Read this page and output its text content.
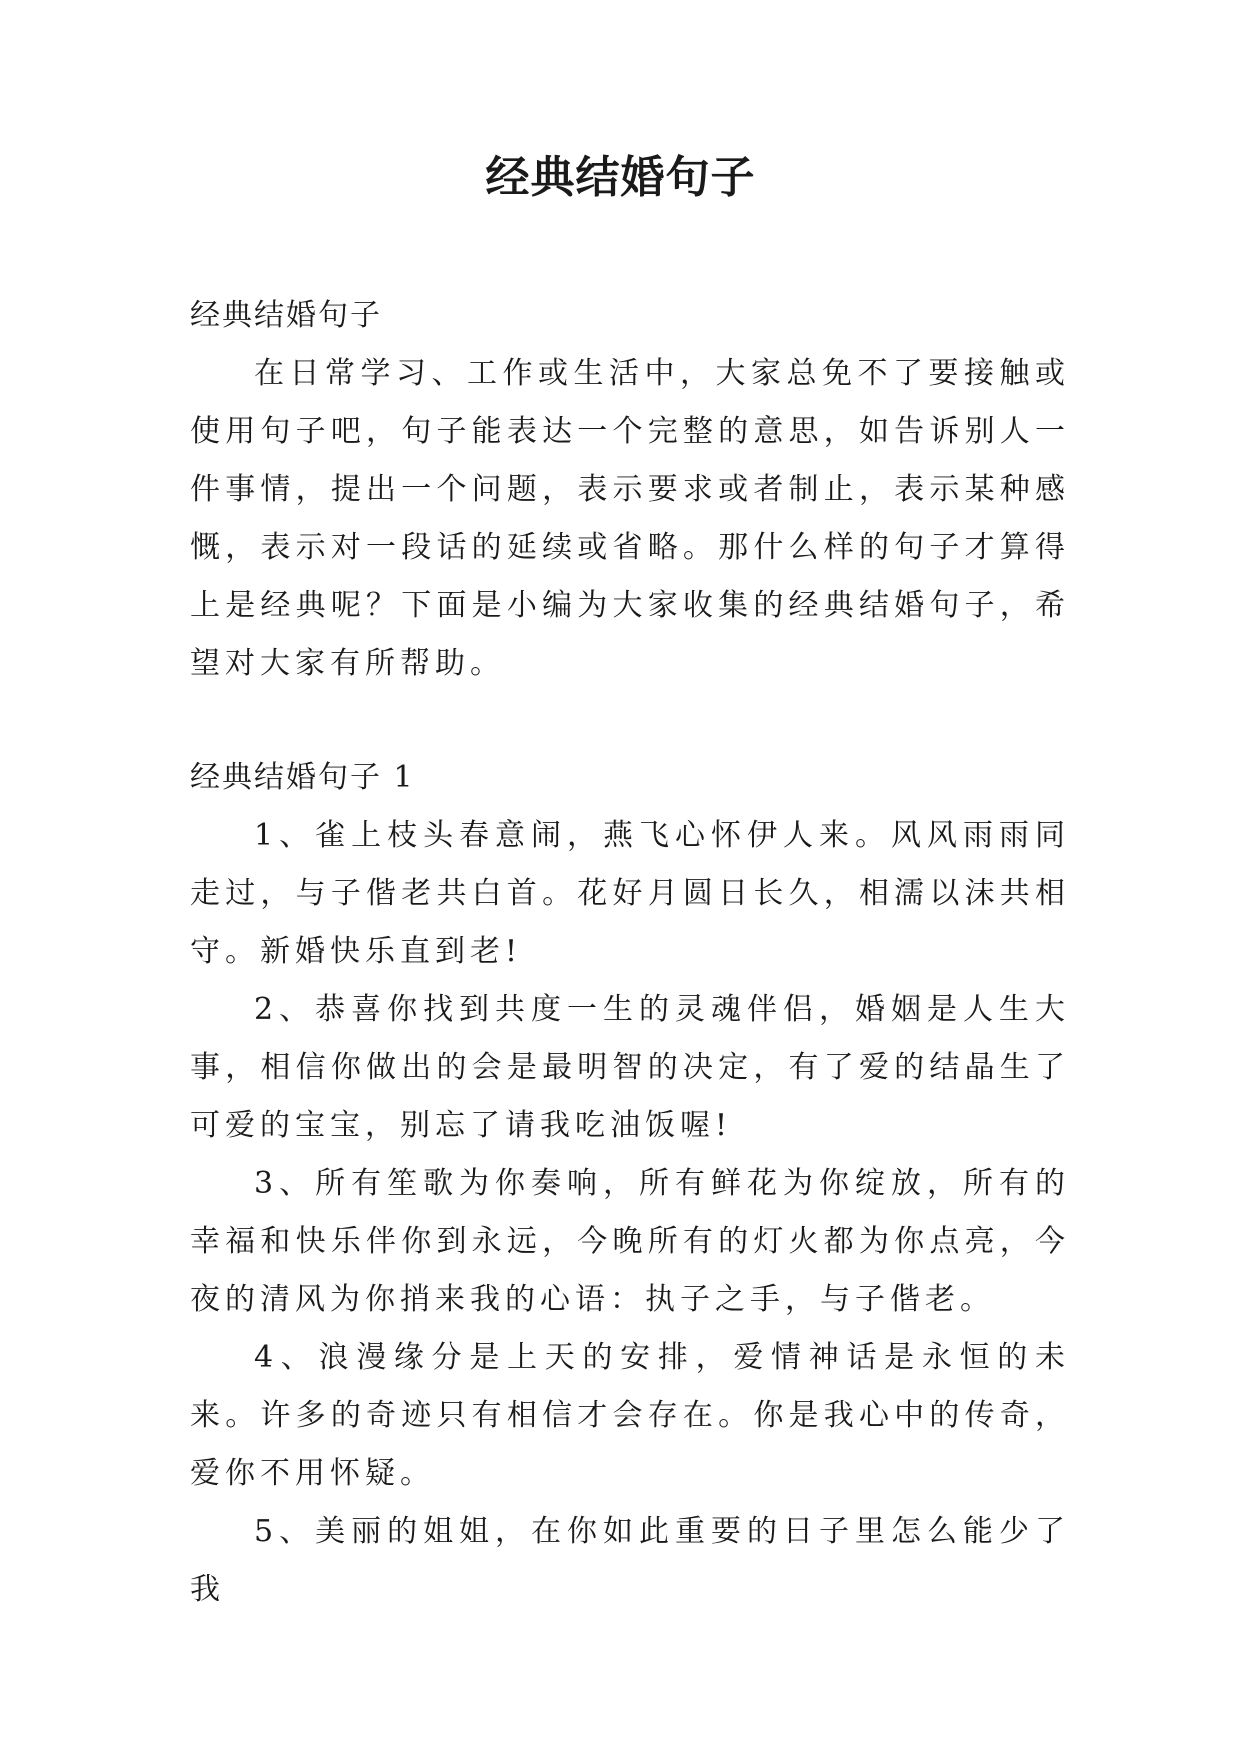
经典结婚句子

经典结婚句子

在日常学习、工作或生活中，大家总免不了要接触或使用句子吧，句子能表达一个完整的意思，如告诉别人一件事情，提出一个问题，表示要求或者制止，表示某种感慨，表示对一段话的延续或省略。那什么样的句子才算得上是经典呢？下面是小编为大家收集的经典结婚句子，希望对大家有所帮助。

经典结婚句子 1

1、雀上枝头春意闹，燕飞心怀伊人来。风风雨雨同走过，与子偕老共白首。花好月圆日长久，相濡以沫共相守。新婚快乐直到老!

2、恭喜你找到共度一生的灵魂伴侣，婚姻是人生大事，相信你做出的会是最明智的决定，有了爱的结晶生了可爱的宝宝，别忘了请我吃油饭喔!

3、所有笙歌为你奏响，所有鲜花为你绽放，所有的幸福和快乐伴你到永远，今晚所有的灯火都为你点亮，今夜的清风为你捎来我的心语：执子之手，与子偕老。

4、浪漫缘分是上天的安排，爱情神话是永恒的未来。许多的奇迹只有相信才会存在。你是我心中的传奇，爱你不用怀疑。

5、美丽的姐姐，在你如此重要的日子里怎么能少了我
